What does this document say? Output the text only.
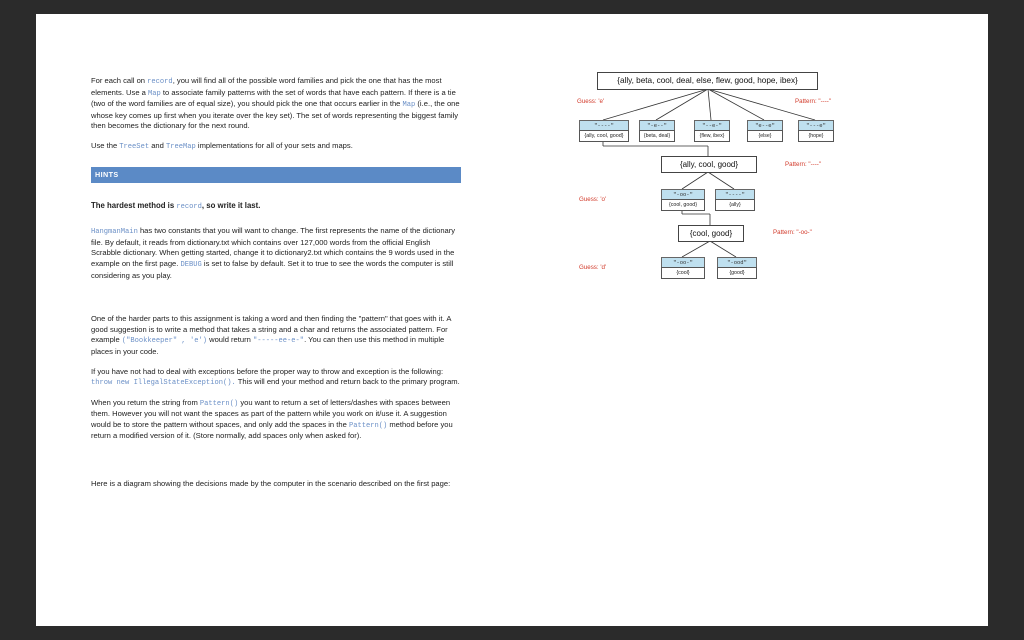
For each call on record, you will find all of the possible word families and pick the one that has the most elements. Use a Map to associate family patterns with the set of words that have each pattern. If there is a tie (two of the word families are of equal size), you should pick the one that occurs earlier in the Map (i.e., the one whose key comes up first when you iterate over the key set). The set of words representing the biggest family then becomes the dictionary for the next round.

Use the TreeSet and TreeMap implementations for all of your sets and maps.

HINTS
The hardest method is record, so write it last.

HangmanMain has two constants that you will want to change. The first represents the name of the dictionary file. By default, it reads from dictionary.txt which contains over 127,000 words from the official English Scrabble dictionary. When getting started, change it to dictionary2.txt which contains the 9 words used in the example on the first page. DEBUG is set to false by default. Set it to true to see the words the computer is still considering as you play.

One of the harder parts to this assignment is taking a word and then finding the "pattern" that goes with it. A good suggestion is to write a method that takes a string and a char and returns the associated pattern. For example ("Bookkeeper" , 'e') would return "-----ee-e-". You can then use this method in multiple places in your code.

If you have not had to deal with exceptions before the proper way to throw and exception is the following: throw new IllegalStateException(). This will end your method and return back to the primary program.

When you return the string from Pattern() you want to return a set of letters/dashes with spaces between them. However you will not want the spaces as part of the pattern while you work on it/use it. A suggestion would be to store the pattern without spaces, and only add the spaces in the Pattern() method before you return a modified version of it. (Store normally, add spaces only when asked for).

Here is a diagram showing the decisions made by the computer in the scenario described on the first page:

{ally, beta, cool, deal, else, flew, good, hope, ibex}
Guess: 'e'	Pattern: "----"
"----"	"-e--"	"--e-"	"e--e"	"---e"
{ally, cool, good}	{beta, deal}	{flew, ibex}	{else}	{hope}
{ally, cool, good}	Pattern: "----"
Guess: 'o'
"-oo-"	"----"
{cool, good}	{ally}
{cool, good}	Pattern: "-oo-"
Guess: 'd'
"-oo-"	"-ood"
{cool}	{good}
